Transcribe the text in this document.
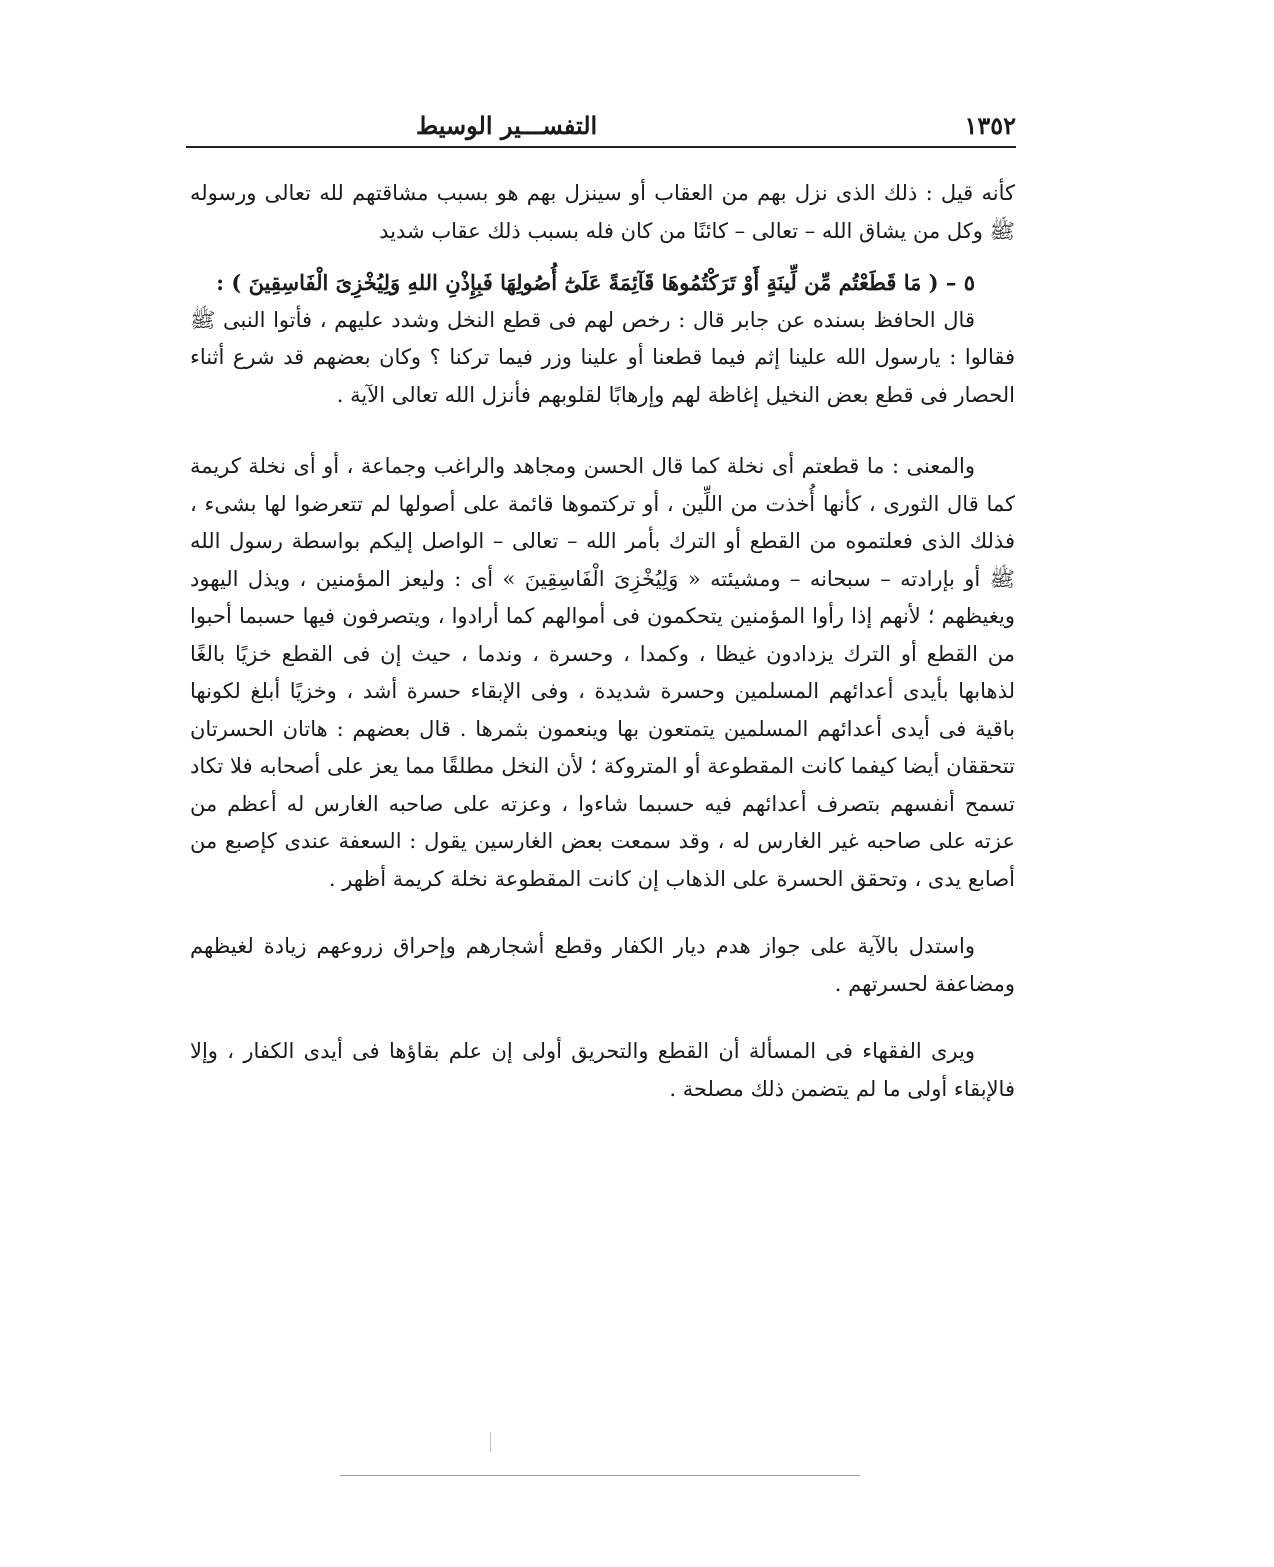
١٣٥٢
التفســـير الوسيط

كأنه قيل : ذلك الذى نزل بهم من العقاب أو سينزل بهم هو بسبب مشاقتهم لله تعالى ورسوله ﷺ وكل من يشاق الله – تعالى – كائنًا من كان فله بسبب ذلك عقاب شديد

٥ – ( مَا قَطَعْتُم مِّن لِّينَةٍ أَوْ تَرَكْتُمُوهَا قَآئِمَةً عَلَىٰٓ أُصُولِهَا فَبِإِذْنِ اللهِ وَلِيُخْزِىَ الْفَاسِقِينَ ) :

قال الحافظ بسنده عن جابر قال : رخص لهم فى قطع النخل وشدد عليهم ، فأتوا النبى ﷺ فقالوا : يارسول الله علينا إثم فيما قطعنا أو علينا وزر فيما تركنا ؟ وكان بعضهم قد شرع أثناء الحصار فى قطع بعض النخيل إغاظة لهم وإرهابًا لقلوبهم فأنزل الله تعالى الآية .

والمعنى : ما قطعتم أى نخلة كما قال الحسن ومجاهد والراغب وجماعة ، أو أى نخلة كريمة كما قال الثورى ، كأنها أُخذت من اللِّين ، أو تركتموها قائمة على أصولها لم تتعرضوا لها بشىء ، فذلك الذى فعلتموه من القطع أو الترك بأمر الله – تعالى – الواصل إليكم بواسطة رسول الله ﷺ أو بإرادته – سبحانه – ومشيئته « وَلِيُخْزِىَ الْفَاسِقِينَ » أى : وليعز المؤمنين ، ويذل اليهود ويغيظهم ؛ لأنهم إذا رأوا المؤمنين يتحكمون فى أموالهم كما أرادوا ، ويتصرفون فيها حسبما أحبوا من القطع أو الترك يزدادون غيظا ، وكمدا ، وحسرة ، وندما ، حيث إن فى القطع خزيًا بالغًا لذهابها بأيدى أعدائهم المسلمين وحسرة شديدة ، وفى الإبقاء حسرة أشد ، وخزيًا أبلغ لكونها باقية فى أيدى أعدائهم المسلمين يتمتعون بها وينعمون بثمرها . قال بعضهم : هاتان الحسرتان تتحققان أيضا كيفما كانت المقطوعة أو المتروكة ؛ لأن النخل مطلقًا مما يعز على أصحابه فلا تكاد تسمح أنفسهم بتصرف أعدائهم فيه حسبما شاءوا ، وعزته على صاحبه الغارس له أعظم من عزته على صاحبه غير الغارس له ، وقد سمعت بعض الغارسين يقول : السعفة عندى كإصبع من أصابع يدى ، وتحقق الحسرة على الذهاب إن كانت المقطوعة نخلة كريمة أظهر .

واستدل بالآية على جواز هدم ديار الكفار وقطع أشجارهم وإحراق زروعهم زيادة لغيظهم ومضاعفة لحسرتهم .

ويرى الفقهاء فى المسألة أن القطع والتحريق أولى إن علم بقاؤها فى أيدى الكفار ، وإلا فالإبقاء أولى ما لم يتضمن ذلك مصلحة .
